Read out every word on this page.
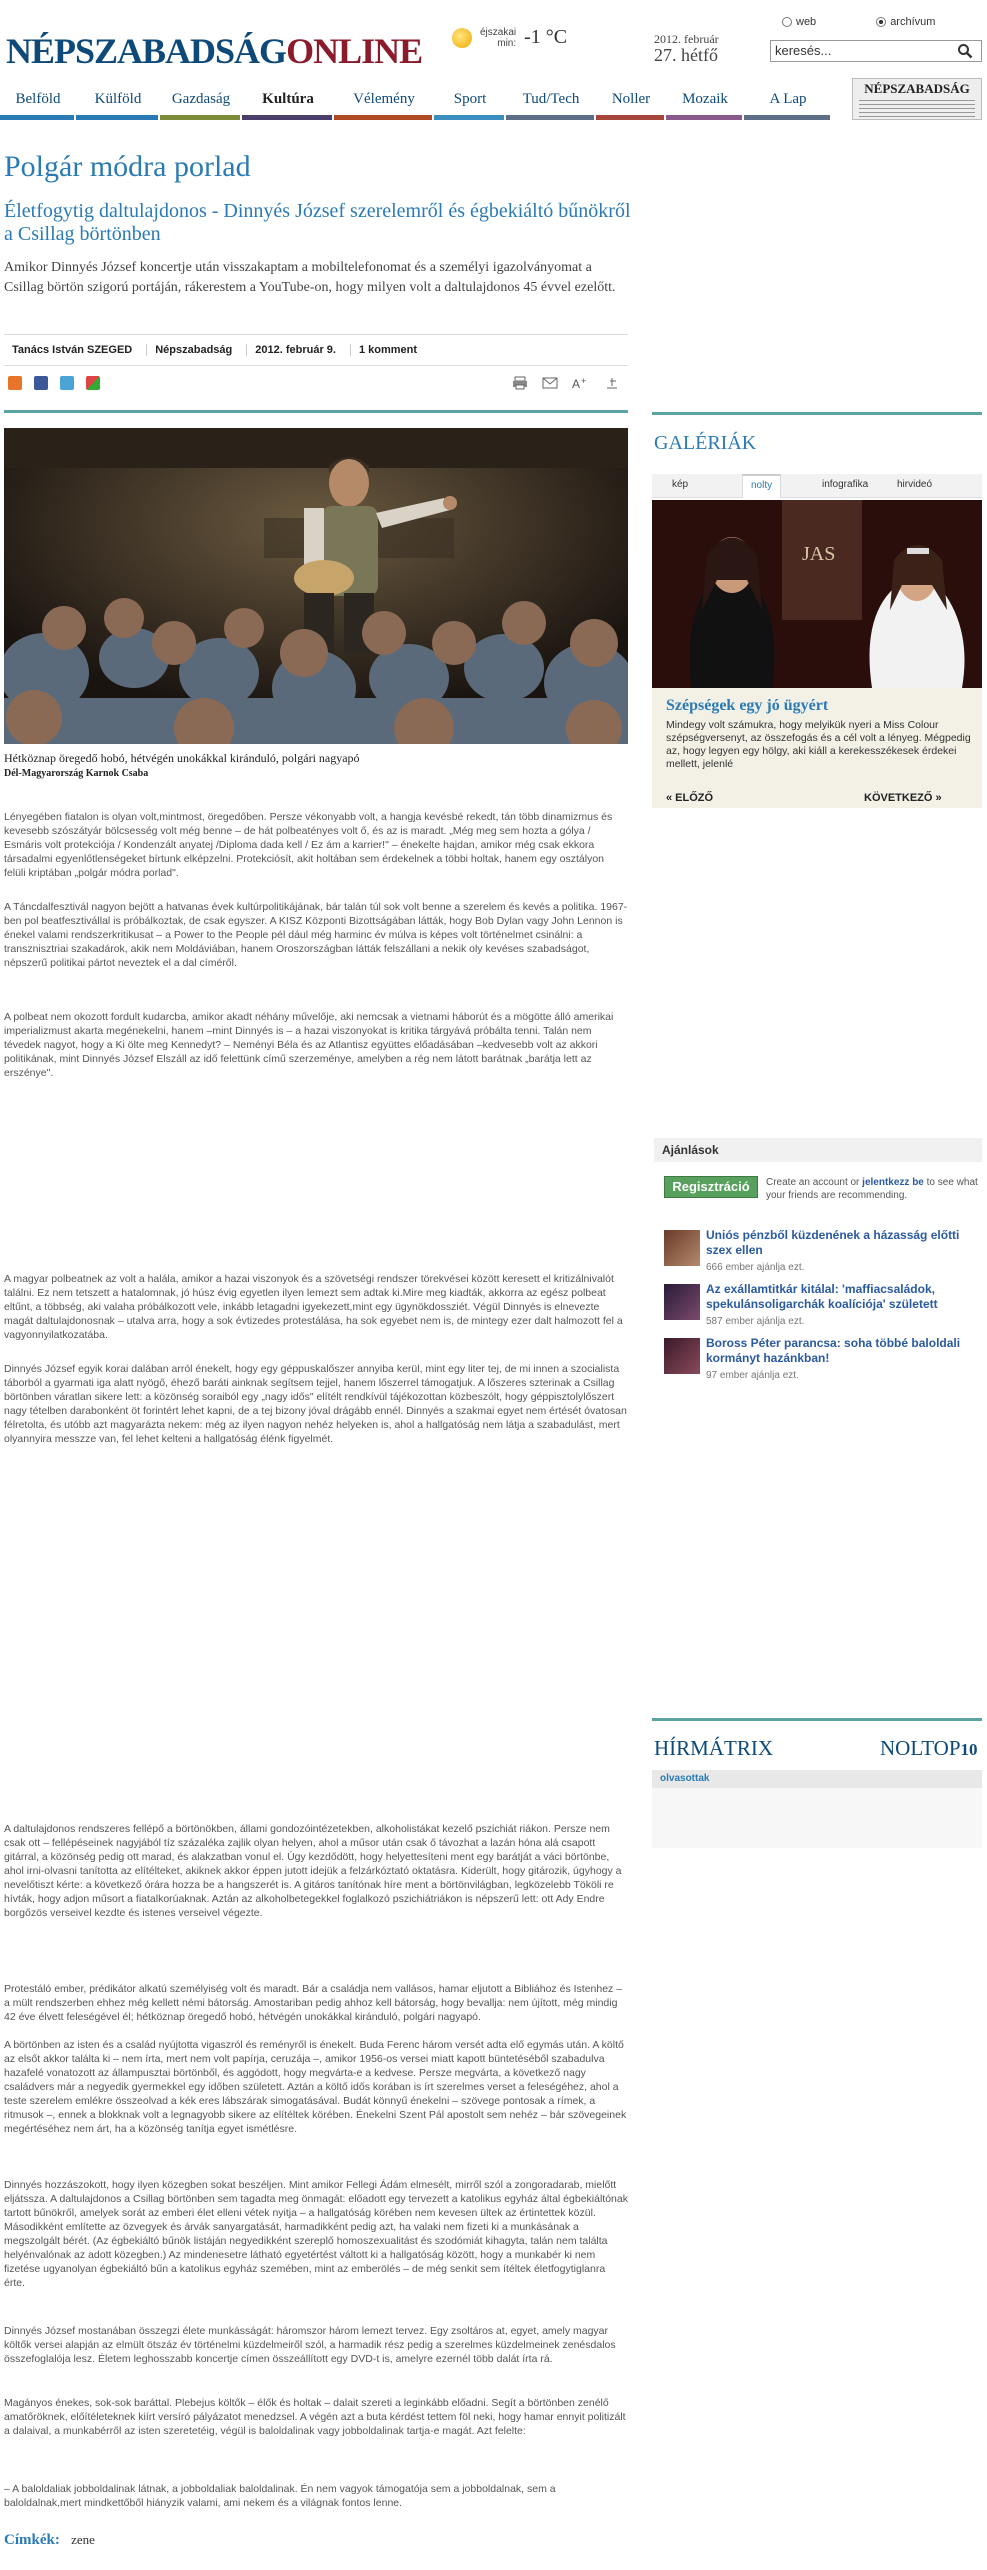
NÉPSZABADSÁGONLINE	éjszakai
min: -1 °C	2012. február
27. hétfő
web	archívum
keresés...
Belföld	Külföld	Gazdaság	Kultúra	Vélemény	Sport	Tud/Tech	Noller	Mozaik	A Lap
NÉPSZABADSÁG
Polgár módra porlad
Életfogytig daltulajdonos - Dinnyés József szerelemről és égbekiáltó bűnökről a Csillag börtönben
Amikor Dinnyés József koncertje után visszakaptam a mobiltelefonomat és a személyi igazolványomat a Csillag börtön szigorú portáján, rákerestem a YouTube-on, hogy milyen volt a daltulajdonos 45 évvel ezelőtt.
Tanács István SZEGED	Népszabadság	2012. február 9.	1 komment
A +
Hétköznap öregedő hobó, hétvégén unokákkal kiránduló, polgári nagyapó
Dél-Magyarország Karnok Csaba
Lényegében fiatalon is olyan volt,mintmost, öregedőben. Persze vékonyabb volt, a hangja kevésbé rekedt, tán több dinamizmus és kevesebb szószátyár bölcsesség volt még benne – de hát polbeatényes volt ő, és az is maradt. „Még meg sem hozta a gólya / Esmáris volt protekciója / Kondenzált anyatej /Diploma dada kell / Ez ám a karrier!" – énekelte hajdan, amikor még csak ekkora társadalmi egyenlőtlenségeket bírtunk elképzelni. Protekciósít, akit holtában sem érdekelnek a többi holtak, hanem egy osztályon felüli kriptában „polgár módra porlad".
A Táncdalfesztivál nagyon bejött a hatvanas évek kultúrpolitikájának, bár talán túl sok volt benne a szerelem és kevés a politika. 1967-ben pol beatfesztivállal is próbálkoztak, de csak egyszer. A KISZ Központi Bizottságában látták, hogy Bob Dylan vagy John Lennon is énekel valami rendszerkritikusat – a Power to the People pél dául még harminc év múlva is képes volt történelmet csinálni: a transznisztriai szakadárok, akik nem Moldáviában, hanem Oroszországban látták felszállani a nekik oly kevéses szabadságot, népszerű politikai pártot neveztek el a dal címéről.
A polbeat nem okozott fordult kudarcba, amikor akadt néhány művelője, aki nemcsak a vietnami háborút és a mögötte álló amerikai imperializmust akarta megénekelni, hanem –mint Dinnyés is – a hazai viszonyokat is kritika tárgyává próbálta tenni. Talán nem tévedek nagyot, hogy a Ki ölte meg Kennedyt? – Neményi Béla és az Atlantisz együttes előadásában –kedvesebb volt az akkori politikának, mint Dinnyés József Elszáll az idő felettünk című szerzeménye, amelyben a rég nem látott barátnak „barátja lett az erszénye".
A magyar polbeatnek az volt a halála, amikor a hazai viszonyok és a szövetségi rendszer törekvései között keresett el kritizálnivalót találni. Ez nem tetszett a hatalomnak, jó húsz évig egyetlen ilyen lemezt sem adtak ki.Mire meg kiadták, akkorra az egész polbeat eltűnt, a többség, aki valaha próbálkozott vele, inkább letagadni igyekezett,mint egy ügynökdossziét. Végül Dinnyés is elnevezte magát daltulajdonosnak – utalva arra, hogy a sok évtizedes protestálása, ha sok egyebet nem is, de mintegy ezer dalt halmozott fel a vagyonnyilatkozatába.
Dinnyés József egyik korai dalában arról énekelt, hogy egy géppuskalőszer annyiba kerül, mint egy liter tej, de mi innen a szocialista táborból a gyarmati iga alatt nyögő, éhező baráti ainknak segítsem tejjel, hanem lőszerrel támogatjuk. A lőszeres szterinak a Csillag börtönben váratlan sikere lett: a közönség soraiból egy „nagy idős" elítélt rendkívül tájékozottan közbeszólt, hogy géppisztolylőszert nagy tételben darabonként öt forintért lehet kapni, de a tej bizony jóval drágább ennél. Dinnyés a szakmai egyet nem értését óvatosan félretolta, és utóbb azt magyarázta nekem: még az ilyen nagyon nehéz helyeken is, ahol a hallgatóság nem látja a szabadulást, mert olyannyira messzze van, fel lehet kelteni a hallgatóság élénk figyelmét.
A daltulajdonos rendszeres fellépő a börtönökben, állami gondozóintézetekben, alkoholistákat kezelő pszichiát riákon. Persze nem csak ott – fellépéseinek nagyjából tíz százaléka zajlik olyan helyen, ahol a műsor után csak ő távozhat a lazán hóna alá csapott gitárral, a közönség pedig ott marad, és alakzatban vonul el. Úgy kezdődött, hogy helyettesíteni ment egy barátját a váci börtönbe, ahol irni-olvasni tanította az elítélteket, akiknek akkor éppen jutott idejük a felzárkóztató oktatásra. Kiderült, hogy gitározik, úgyhogy a nevelőtiszt kérte: a következő órára hozza be a hangszerét is. A gitáros tanítónak híre ment a börtönvilágban, legközelebb Tököli re hívták, hogy adjon műsort a fiatalkorúaknak. Aztán az alkoholbetegekkel foglalkozó pszichiátriákon is népszerű lett: ott Ady Endre borgőzös verseivel kezdte és istenes verseivel végezte.
Protestáló ember, prédikátor alkatú személyiség volt és maradt. Bár a családja nem vallásos, hamar eljutott a Bibliához és Istenhez – a mült rendszerben ehhez még kellett némi bátorság. Amostariban pedig ahhoz kell bátorság, hogy bevallja: nem újított, még mindig 42 éve élvett feleségével él; hétköznap öregedő hobó, hétvégén unokákkal kiránduló, polgári nagyapó.
A börtönben az isten és a család nyújtotta vigaszról és reményről is énekelt. Buda Ferenc három versét adta elő egymás után. A költő az elsőt akkor találta ki – nem írta, mert nem volt papírja, ceruzája –, amikor 1956-os versei miatt kapott büntetéséből szabadulva hazafelé vonatozott az állampusztai börtönből, és aggódott, hogy megvárta-e a kedvese. Persze megvárta, a következő nagy családvers már a negyedik gyermekkel egy időben született. Aztán a költő idős korában is írt szerelmes verset a feleségéhez, ahol a teste szerelem emlékre összeolvad a kék eres lábszárak simogatásával. Budát könnyű énekelni – szövege pontosak a rímek, a ritmusok –, ennek a blokknak volt a legnagyobb sikere az elítéltek körében. Énekelni Szent Pál apostolt sem nehéz – bár szövegeinek megértéséhez nem árt, ha a közönség tanítja egyet ismétlésre.
Dinnyés hozzászokott, hogy ilyen közegben sokat beszéljen. Mint amikor Fellegi Ádám elmesélt, mirről szól a zongoradarab, mielőtt eljátssza. A daltulajdonos a Csillag börtönben sem tagadta meg önmagát: előadott egy tervezett a katolikus egyház által égbekiáltónak tartott bűnökről, amelyek sorát az emberi élet elleni vétek nyitja – a hallgatóság körében nem kevesen ültek az értintettek közül. Másodikként említette az özvegyek és árvák sanyargatását, harmadikként pedig azt, ha valaki nem fizeti ki a munkásának a megszolgált bérét. (Az égbekiáltó bűnök listáján negyedikként szereplő homoszexualitást és szodómiát kihagyta, talán nem találta helyénvalónak az adott közegben.) Az mindenesetre látható egyetértést váltott ki a hallgatóság között, hogy a munkabér ki nem fizetése ugyanolyan égbekiáltó bűn a katolikus egyház szemében, mint az emberölés – de még senkit sem ítéltek életfogytiglanra érte.
Dinnyés József mostanában összegzi élete munkásságát: háromszor három lemezt tervez. Egy zsoltáros at, egyet, amely magyar költők versei alapján az elmült ötszáz év történelmi küzdelmeiről szól, a harmadik rész pedig a szerelmes küzdelmeinek zenésdalos összefoglalója lesz. Életem leghosszabb koncertje címen összeállított egy DVD-t is, amelyre ezernél több dalát írta rá.
Magányos énekes, sok-sok baráttal. Plebejus költők – élők és holtak – dalait szereti a leginkább előadni. Segít a börtönben zenélő amatőröknek, előítéleteknek kiírt versíró pályázatot menedzsel. A végén azt a buta kérdést tettem föl neki, hogy hamar ennyit politizált a dalaival, a munkabérről az isten szeretetéig, végül is baloldalinak vagy jobboldalinak tartja-e magát. Azt felelte:
– A baloldaliak jobboldalinak látnak, a jobboldaliak baloldalinak. Én nem vagyok támogatója sem a jobboldalnak, sem a baloldalnak,mert mindkettőből hiányzik valami, ami nekem és a világnak fontos lenne.
Címkék: zene
GALÉRIÁK
kép	nolty	infografika	hirvideó
JAS
Szépségek egy jó ügyért
Mindegy volt számukra, hogy melyikük nyeri a Miss Colour szépségversenyt, az összefogás és a cél volt a lényeg. Mégpedig az, hogy legyen egy hölgy, aki kiáll a kerekesszékesek érdekei mellett, jelenlé
« ELŐZŐ	KÖVETKEZŐ »
Ajánlások
Regisztráció	Create an account or jelentkezz be to see what your friends are recommending.
Uniós pénzből küzdenének a házasság előtti szex ellen
666 ember ajánlja ezt.
Az exállamtitkár kitálal: 'maffiacsaládok, spekulánsoligarchák koalíciója' született
587 ember ajánlja ezt.
Boross Péter parancsa: soha többé baloldali kormányt hazánkban!
97 ember ajánlja ezt.
HÍRMÁTRIX	NOLTOP10
olvasottak
